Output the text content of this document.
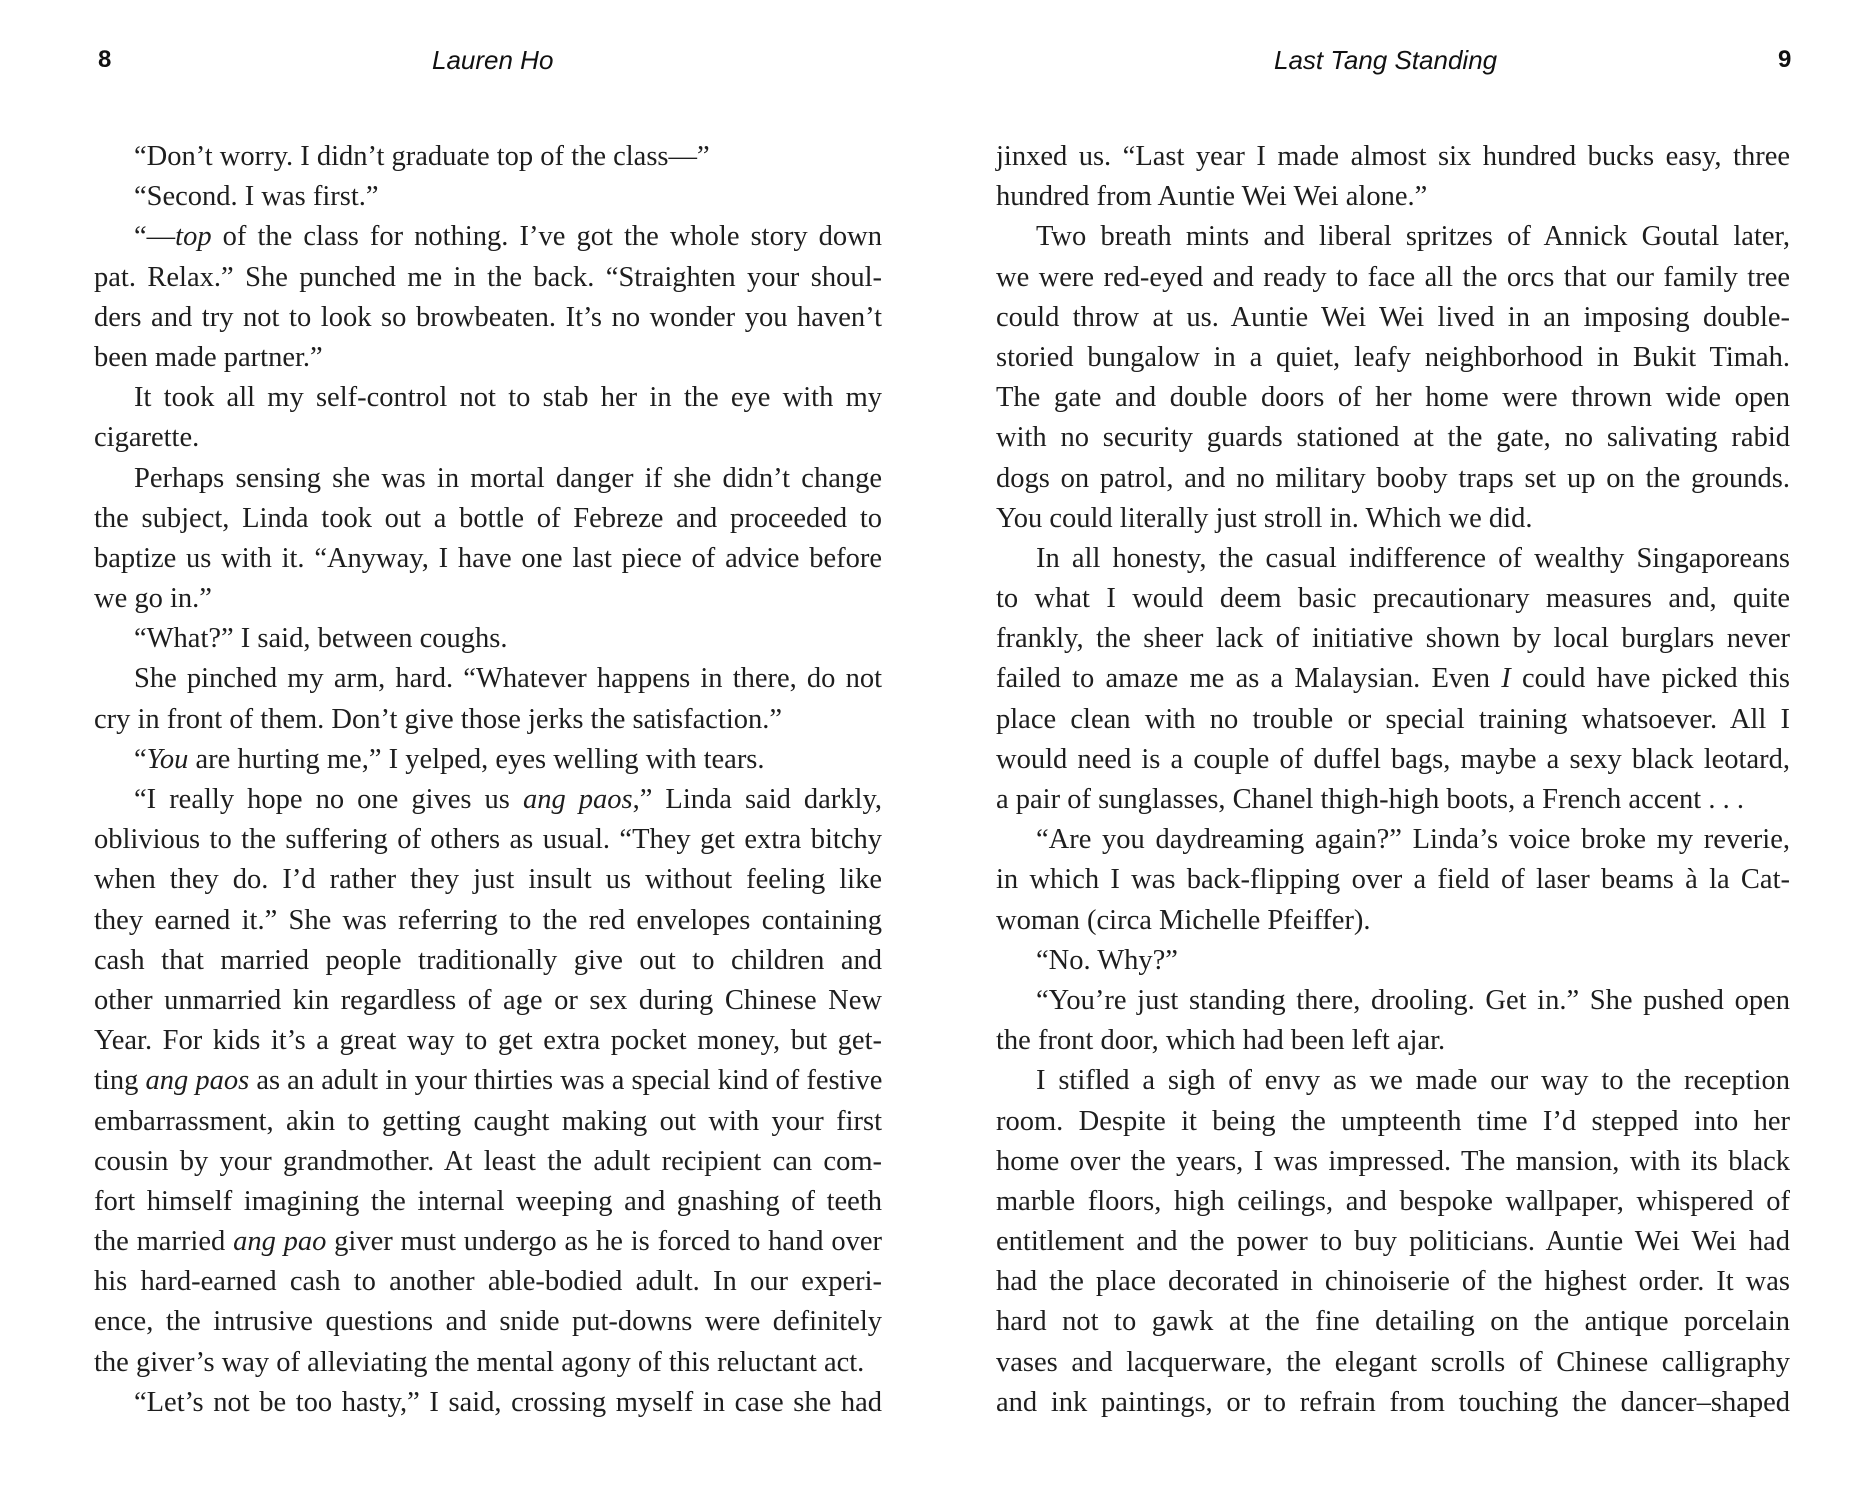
8	Lauren Ho
“Don’t worry. I didn’t graduate top of the class—”
“Second. I was first.”
“—top of the class for nothing. I’ve got the whole story down
pat. Relax.” She punched me in the back. “Straighten your shoul-
ders and try not to look so browbeaten. It’s no wonder you haven’t
been made partner.”
It took all my self-control not to stab her in the eye with my
cigarette.
Perhaps sensing she was in mortal danger if she didn’t change
the subject, Linda took out a bottle of Febreze and proceeded to
baptize us with it. “Anyway, I have one last piece of advice before
we go in.”
“What?” I said, between coughs.
She pinched my arm, hard. “Whatever happens in there, do not
cry in front of them. Don’t give those jerks the satisfaction.”
“You are hurting me,” I yelped, eyes welling with tears.
“I really hope no one gives us ang paos,” Linda said darkly,
oblivious to the suffering of others as usual. “They get extra bitchy
when they do. I’d rather they just insult us without feeling like
they earned it.” She was referring to the red envelopes containing
cash that married people traditionally give out to children and
other unmarried kin regardless of age or sex during Chinese New
Year. For kids it’s a great way to get extra pocket money, but get-
ting ang paos as an adult in your thirties was a special kind of festive
embarrassment, akin to getting caught making out with your first
cousin by your grandmother. At least the adult recipient can com-
fort himself imagining the internal weeping and gnashing of teeth
the married ang pao giver must undergo as he is forced to hand over
his hard-earned cash to another able-bodied adult. In our experi-
ence, the intrusive questions and snide put-downs were definitely
the giver’s way of alleviating the mental agony of this reluctant act.
“Let’s not be too hasty,” I said, crossing myself in case she had
Last Tang Standing	9
jinxed us. “Last year I made almost six hundred bucks easy, three
hundred from Auntie Wei Wei alone.”
Two breath mints and liberal spritzes of Annick Goutal later,
we were red-eyed and ready to face all the orcs that our family tree
could throw at us. Auntie Wei Wei lived in an imposing double-
storied bungalow in a quiet, leafy neighborhood in Bukit Timah.
The gate and double doors of her home were thrown wide open
with no security guards stationed at the gate, no salivating rabid
dogs on patrol, and no military booby traps set up on the grounds.
You could literally just stroll in. Which we did.
In all honesty, the casual indifference of wealthy Singaporeans
to what I would deem basic precautionary measures and, quite
frankly, the sheer lack of initiative shown by local burglars never
failed to amaze me as a Malaysian. Even I could have picked this
place clean with no trouble or special training whatsoever. All I
would need is a couple of duffel bags, maybe a sexy black leotard,
a pair of sunglasses, Chanel thigh-high boots, a French accent . . .
“Are you daydreaming again?” Linda’s voice broke my reverie,
in which I was back-flipping over a field of laser beams à la Cat-
woman (circa Michelle Pfeiffer).
“No. Why?”
“You’re just standing there, drooling. Get in.” She pushed open
the front door, which had been left ajar.
I stifled a sigh of envy as we made our way to the reception
room. Despite it being the umpteenth time I’d stepped into her
home over the years, I was impressed. The mansion, with its black
marble floors, high ceilings, and bespoke wallpaper, whispered of
entitlement and the power to buy politicians. Auntie Wei Wei had
had the place decorated in chinoiserie of the highest order. It was
hard not to gawk at the fine detailing on the antique porcelain
vases and lacquerware, the elegant scrolls of Chinese calligraphy
and ink paintings, or to refrain from touching the dancer–shaped
